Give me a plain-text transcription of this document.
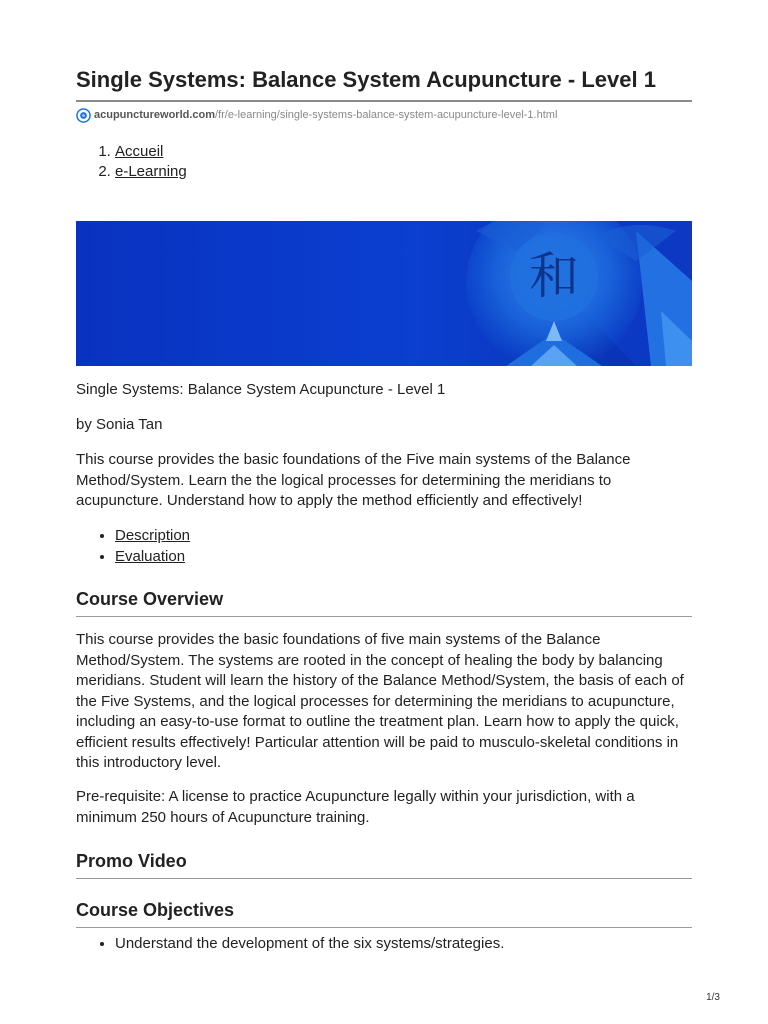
Single Systems: Balance System Acupuncture - Level 1
acupunctureworld.com/fr/e-learning/single-systems-balance-system-acupuncture-level-1.html
1. Accueil
2. e-Learning
和

Single Systems: Balance System Acupuncture - Level 1

by Sonia Tan

This course provides the basic foundations of the Five main systems of the Balance Method/System. Learn the the logical processes for determining the meridians to acupuncture. Understand how to apply the method efficiently and effectively!

• Description
• Evaluation
Course Overview

This course provides the basic foundations of five main systems of the Balance Method/System. The systems are rooted in the concept of healing the body by balancing meridians. Student will learn the history of the Balance Method/System, the basis of each of the Five Systems, and the logical processes for determining the meridians to acupuncture, including an easy-to-use format to outline the treatment plan. Learn how to apply the quick, efficient results effectively! Particular attention will be paid to musculo-skeletal conditions in this introductory level.

Pre-requisite: A license to practice Acupuncture legally within your jurisdiction, with a minimum 250 hours of Acupuncture training.

Promo Video
Course Objectives
• Understand the development of the six systems/strategies.
1/3
